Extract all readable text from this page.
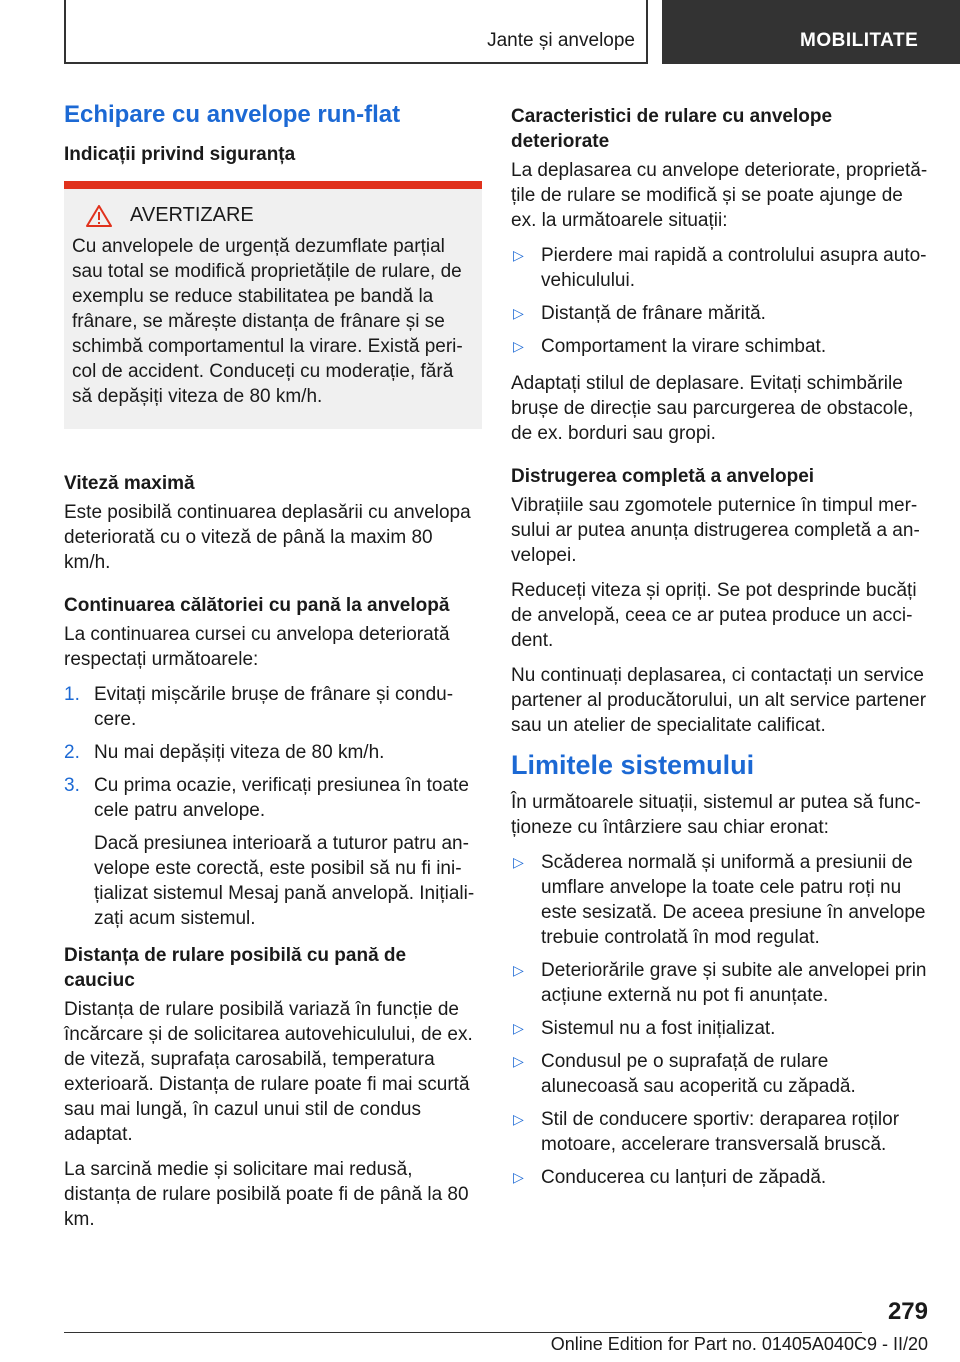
Jante și anvelope	MOBILITATE
Echipare cu anvelope run-flat
Indicații privind siguranța
AVERTIZARE

Cu anvelopele de urgență dezumflate parțial sau total se modifică proprietățile de rulare, de exemplu se reduce stabilitatea pe bandă la frânare, se mărește distanța de frânare și se schimbă comportamentul la virare. Există pericol de accident. Conduceți cu moderație, fără să depășiți viteza de 80 km/h.

Viteză maximă

Este posibilă continuarea deplasării cu anvelopa deteriorată cu o viteză de până la maxim 80 km/h.

Continuarea călătoriei cu pană la anvelopă

La continuarea cursei cu anvelopa deteriorată respectați următoarele:

1. Evitați mișcările brușe de frânare și conducere.
2. Nu mai depășiți viteza de 80 km/h.
3. Cu prima ocazie, verificați presiunea în toate cele patru anvelope.
Dacă presiunea interioară a tuturor patru anvelope este corectă, este posibil să nu fi inițializat sistemul Mesaj pană anvelopă. Inițializați acum sistemul.
Distanța de rulare posibilă cu pană de cauciuc

Distanța de rulare posibilă variază în funcție de încărcare și de solicitarea autovehiculului, de ex. de viteză, suprafața carosabilă, temperatura exterioară. Distanța de rulare poate fi mai scurtă sau mai lungă, în cazul unui stil de condus adaptat.

La sarcină medie și solicitare mai redusă, distanța de rulare posibilă poate fi de până la 80 km.

Caracteristici de rulare cu anvelope deteriorate

La deplasarea cu anvelope deteriorate, proprietățile de rulare se modifică și se poate ajunge de ex. la următoarele situații:

▷ Pierdere mai rapidă a controlului asupra autovehiculului.
▷ Distanță de frânare mărită.
▷ Comportament la virare schimbat.

Adaptați stilul de deplasare. Evitați schimbările brușe de direcție sau parcurgerea de obstacole, de ex. borduri sau gropi.

Distrugerea completă a anvelopei

Vibrațiile sau zgomotele puternice în timpul mersului ar putea anunța distrugerea completă a anvelopei.

Reduceți viteza și opriți. Se pot desprinde bucăți de anvelopă, ceea ce ar putea produce un accident.

Nu continuați deplasarea, ci contactați un service partener al producătorului, un alt service partener sau un atelier de specialitate calificat.

Limitele sistemului

În următoarele situații, sistemul ar putea să funcționeze cu întârziere sau chiar eronat:

▷ Scăderea normală și uniformă a presiunii de umflare anvelope la toate cele patru roți nu este sesizată. De aceea presiune în anvelope trebuie controlată în mod regulat.
▷ Deteriorările grave și subite ale anvelopei prin acțiune externă nu pot fi anunțate.
▷ Sistemul nu a fost inițializat.
▷ Condusul pe o suprafață de rulare alunecoasă sau acoperită cu zăpadă.
▷ Stil de conducere sportiv: deraparea roților motoare, accelerare transversală bruscă.
▷ Conducerea cu lanțuri de zăpadă.
279
Online Edition for Part no. 01405A040C9 - II/20
